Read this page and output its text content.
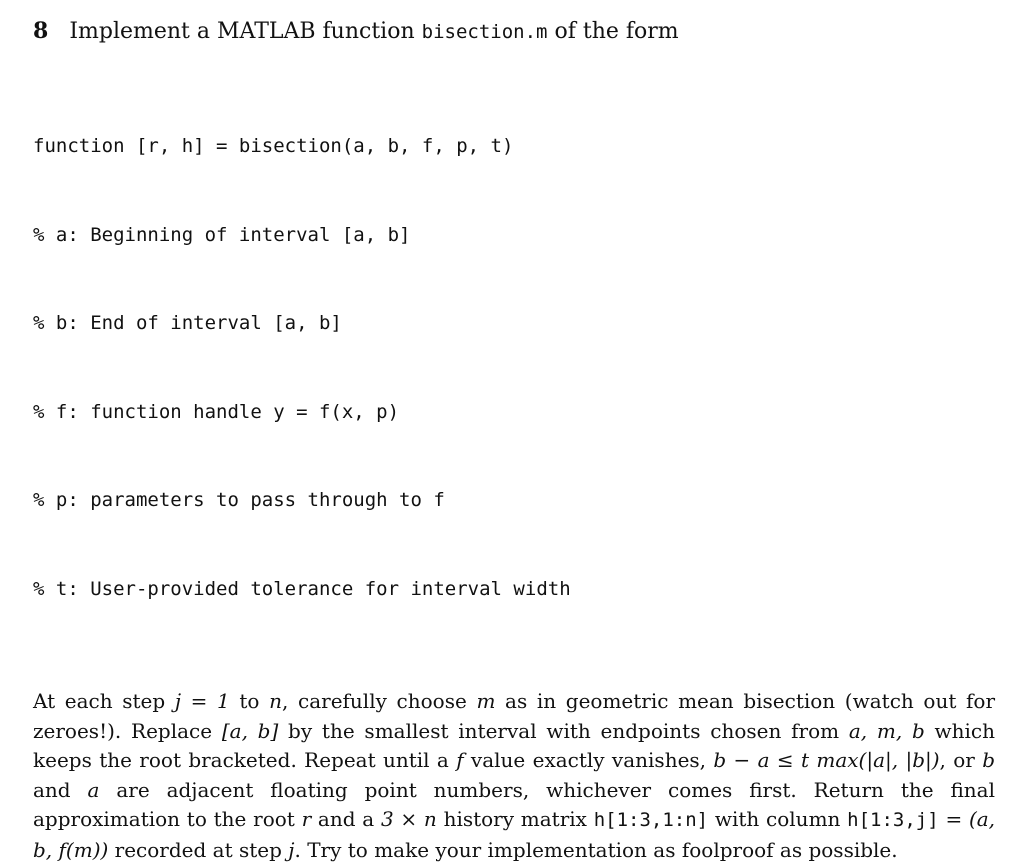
8 Implement a MATLAB function bisection.m of the form

function [r, h] = bisection(a, b, f, p, t)

% a: Beginning of interval [a, b]

% b: End of interval [a, b]

% f: function handle y = f(x, p)

% p: parameters to pass through to f

% t: User-provided tolerance for interval width

At each step j = 1 to n, carefully choose m as in geometric mean bisection (watch out for zeroes!). Replace [a, b] by the smallest interval with endpoints chosen from a, m, b which keeps the root bracketed. Repeat until a f value exactly vanishes, b − a ≤ t max(|a|, |b|), or b and a are adjacent floating point numbers, whichever comes first. Return the final approximation to the root r and a 3 × n history matrix h[1:3,1:n] with column h[1:3,j] = (a, b, f(m)) recorded at step j. Try to make your implementation as foolproof as possible.
